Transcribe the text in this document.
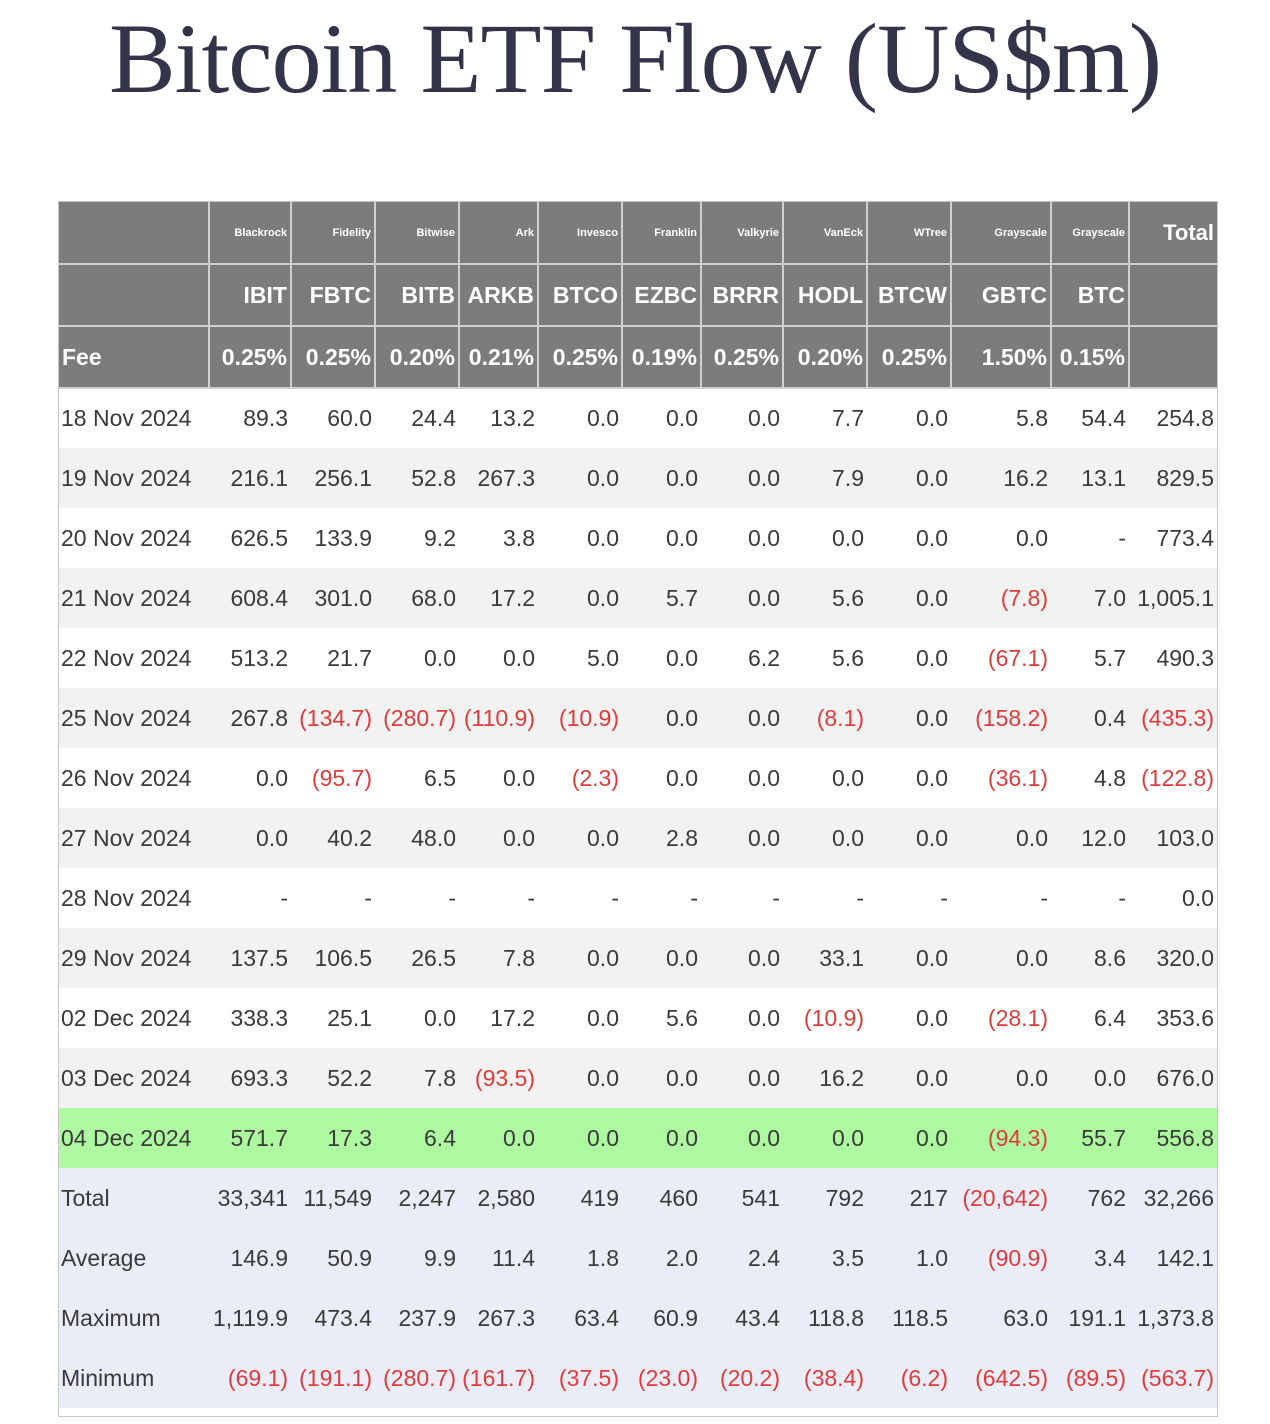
Bitcoin ETF Flow (US$m)
	Blackrock	Fidelity	Bitwise	Ark	Invesco	Franklin	Valkyrie	VanEck	WTree	Grayscale	Grayscale	Total
	IBIT	FBTC	BITB	ARKB	BTCO	EZBC	BRRR	HODL	BTCW	GBTC	BTC	
Fee	0.25%	0.25%	0.20%	0.21%	0.25%	0.19%	0.25%	0.20%	0.25%	1.50%	0.15%	
18 Nov 2024	89.3	60.0	24.4	13.2	0.0	0.0	0.0	7.7	0.0	5.8	54.4	254.8
19 Nov 2024	216.1	256.1	52.8	267.3	0.0	0.0	0.0	7.9	0.0	16.2	13.1	829.5
20 Nov 2024	626.5	133.9	9.2	3.8	0.0	0.0	0.0	0.0	0.0	0.0	-	773.4
21 Nov 2024	608.4	301.0	68.0	17.2	0.0	5.7	0.0	5.6	0.0	(7.8)	7.0	1,005.1
22 Nov 2024	513.2	21.7	0.0	0.0	5.0	0.0	6.2	5.6	0.0	(67.1)	5.7	490.3
25 Nov 2024	267.8	(134.7)	(280.7)	(110.9)	(10.9)	0.0	0.0	(8.1)	0.0	(158.2)	0.4	(435.3)
26 Nov 2024	0.0	(95.7)	6.5	0.0	(2.3)	0.0	0.0	0.0	0.0	(36.1)	4.8	(122.8)
27 Nov 2024	0.0	40.2	48.0	0.0	0.0	2.8	0.0	0.0	0.0	0.0	12.0	103.0
28 Nov 2024	-	-	-	-	-	-	-	-	-	-	-	0.0
29 Nov 2024	137.5	106.5	26.5	7.8	0.0	0.0	0.0	33.1	0.0	0.0	8.6	320.0
02 Dec 2024	338.3	25.1	0.0	17.2	0.0	5.6	0.0	(10.9)	0.0	(28.1)	6.4	353.6
03 Dec 2024	693.3	52.2	7.8	(93.5)	0.0	0.0	0.0	16.2	0.0	0.0	0.0	676.0
04 Dec 2024	571.7	17.3	6.4	0.0	0.0	0.0	0.0	0.0	0.0	(94.3)	55.7	556.8
Total	33,341	11,549	2,247	2,580	419	460	541	792	217	(20,642)	762	32,266
Average	146.9	50.9	9.9	11.4	1.8	2.0	2.4	3.5	1.0	(90.9)	3.4	142.1
Maximum	1,119.9	473.4	237.9	267.3	63.4	60.9	43.4	118.8	118.5	63.0	191.1	1,373.8
Minimum	(69.1)	(191.1)	(280.7)	(161.7)	(37.5)	(23.0)	(20.2)	(38.4)	(6.2)	(642.5)	(89.5)	(563.7)
